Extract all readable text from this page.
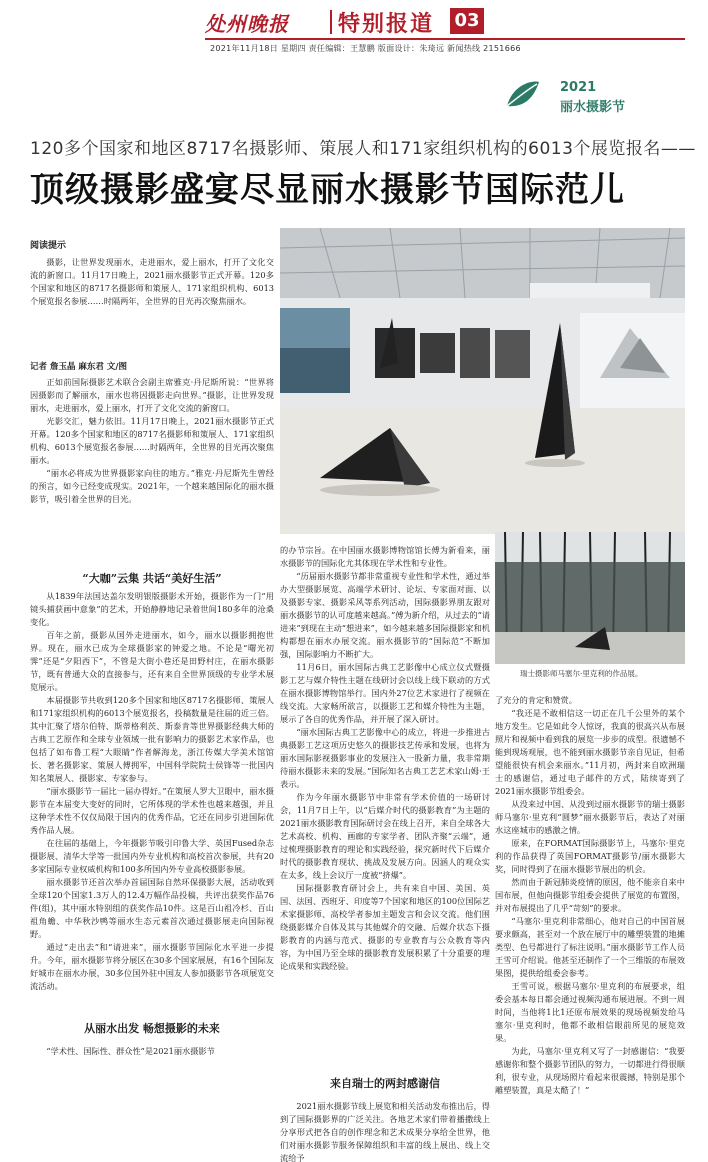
处州晚报 特别报道 03
2021年11月18日 星期四 责任编辑：王慧鹏 版面设计：朱琦远 新闻热线 2151666
2021
丽水摄影节
120多个国家和地区8717名摄影师、策展人和171家组织机构的6013个展览报名——
顶级摄影盛宴尽显丽水摄影节国际范儿
阅读提示

摄影，让世界发现丽水，走进丽水，爱上丽水，打开了文化交流的新窗口。11月17日晚上，2021丽水摄影节正式开幕。120多个国家和地区的8717名摄影师和策展人、171家组织机构、6013个展览报名参展……时隔两年，全世界的目光再次聚焦丽水。

记者 詹玉晶 麻东君 文/图

正如前国际摄影艺术联合会副主席雅克·丹尼斯所说：“世界将因摄影而了解丽水，丽水也将因摄影走向世界。”摄影，让世界发现丽水，走进丽水，爱上丽水，打开了文化交流的新窗口。

光影交汇，魅力依旧。11月17日晚上，2021丽水摄影节正式开幕。120多个国家和地区的8717名摄影师和策展人、171家组织机构、6013个展览报名参展……时隔两年，全世界的目光再次聚焦丽水。

“丽水必将成为世界摄影家向往的地方。”雅克·丹尼斯先生曾经的预言，如今已经变成现实。2021年，一个越来越国际化的丽水摄影节，吸引着全世界的目光。

“大咖”云集 共话“美好生活”

从1839年法国达盖尔发明银版摄影术开始，摄影作为一门“用镜头捕获画中意象”的艺术，开始静静地记录着世间180多年的沧桑变化。

百年之前，摄影从国外走进丽水，如今，丽水以摄影拥抱世界。现在，丽水已成为全球摄影家的钟爱之地。不论是“曙光初霁”还是“夕阳西下”，不管是大街小巷还是田野村庄，在丽水摄影节，既有普通大众的直接参与，还有来自全世界顶级的专业学术展览展示。

本届摄影节共收到120多个国家和地区8717名摄影师、策展人和171家组织机构的6013个展览报名，投稿数量是往届的近三倍。其中汇聚了塔尔伯特、斯蒂格利茨、斯泰肯等世界摄影经典大师的古典工艺原作和全球专业领域一批有影响力的摄影艺术家作品，也包括了如布鲁工程“大眼睛”作者解海龙，浙江传媒大学美术馆馆长、著名摄影家、策展人傅拥军，中国科学院院士侯锋等一批国内知名策展人、摄影家、专家参与。

“丽水摄影节一届比一届办得好。”在策展人罗大卫眼中，丽水摄影节在本届变大变好的同时，它所体现的学术性也越来越强，并且这种学术性不仅仅局限于国内的优秀作品，它还在同步引进国际优秀作品人展。

在往届的基础上，今年摄影节吸引印鲁大学、英国Fused杂志摄影展、清华大学等一批国内外专业机构和高校首次参展，共有20多家国际专业权威机构和100多所国内外专业高校摄影参展。

丽水摄影节还首次举办首届国际自然环保摄影大展，活动收到全球120个国家1.3万人的12.4万幅作品投稿，共评出获奖作品76件(组)，其中丽水特别组的获奖作品10件。这是百山祖冷杉、百山祖角蟾、中华秋沙鸭等丽水生态元素首次通过摄影展走向国际视野。

通过“走出去”和“请进来”，丽水摄影节国际化水平进一步提升。今年，丽水摄影节将分展区在30多个国家展展，有16个国际友好城市在丽水办展，30多位国外驻中国友人参加摄影节各项展览交流活动。

从丽水出发 畅想摄影的未来

“学术性、国际性、群众性”是2021丽水摄影节

的办节宗旨。在中国丽水摄影博物馆馆长傅为新看来，丽水摄影节的国际化尤其体现在学术性和专业性。

“历届丽水摄影节都非常重视专业性和学术性，通过举办大型摄影展览、高端学术研讨、论坛、专家面对面、以及摄影专家、摄影采风等系列活动，国际摄影界朋友跟对丽水摄影节的认可度越来越高。”傅为新介绍，从过去的“请进来”到现在主动“想进来”，如今越来越多国际摄影家和机构都想在丽水办展交流。丽水摄影节的“国际范”不断加强，国际影响力不断扩大。

11月6日，丽水国际古典工艺影像中心成立仪式暨摄影工艺与媒介特性主题在线研讨会以线上线下联动的方式在丽水摄影博物馆举行。国内外27位艺术家进行了视频在线交流。大家畅所欲言，以摄影工艺和媒介特性为主题，展示了各自的优秀作品，并开展了深入研讨。

“丽水国际古典工艺影像中心的成立，将进一步推进古典摄影工艺这项历史悠久的摄影技艺传承和发展，也将为丽水国际影视摄影事业的发展注入一股新力量，我非常期待丽水摄影未来的发展。”国际知名古典工艺艺术家山姆·王表示。

作为今年丽水摄影节中非常有学术价值的一场研讨会，11月7日上午，以“后媒介时代的摄影教育”为主题的2021丽水摄影教育国际研讨会在线上召开，来自全球各大艺术高校、机构、画廊的专家学者、团队齐聚“云端”，通过梳理摄影教育的理论和实践经验，探究新时代下后媒介时代的摄影教育现状、挑战及发展方向。因涵人的观众实在太多，线上会议厅一度被“挤爆”。

国际摄影教育研讨会上，共有来自中国、美国、英国、法国、西班牙、印度等7个国家和地区的100位国际艺术家摄影师、高校学者参加主题发言和会议交流。他们围绕摄影媒介自体及其与其他媒介的交融、后媒介状态下摄影教育的内涵与范式、摄影的专业教育与公众教育等内容，为中国乃至全球的摄影教育发展积累了十分重要的理论成果和实践经验。

来自瑞士的两封感谢信

2021丽水摄影节线上展览和相关活动发布推出后，得到了国际摄影界的广泛关注。各地艺术家们带着播撒线上分享形式把各自的创作理念和艺术成果分享给全世界，他们对丽水摄影节服务保障组织和丰富的线上展出、线上交流给予

瑞士摄影师马塞尔·里克利的作品展。

了充分的肯定和赞赏。

“我还是不敢相信这一切正在几千公里外的某个地方发生。它是如此令人惊讶，我真的很高兴从布展照片和视频中看到我的展览一步步的成型。很遗憾不能到现场观展，也不能到丽水摄影节亲自见证，但希望能很快有机会来丽水。”11月初，两封来自欧洲瑞士的感谢信，通过电子邮件的方式，陆续寄到了2021丽水摄影节组委会。

从没来过中国、从没到过丽水摄影节的瑞士摄影师马塞尔·里克利“圆梦”丽水摄影节后，表达了对丽水这座城市的感激之情。

原来，在FORMAT国际摄影节上，马塞尔·里克利的作品获得了英国FORMAT摄影节/丽水摄影大奖，同时得到了在丽水摄影节展出的机会。

然而由于新冠肺炎疫情的原因，他不能亲自来中国布展，但他向摄影节组委会提供了展览的布置图，并对布展提出了几乎“苛刻”的要求。

“马塞尔·里克利非常细心，他对自己的中国首展要求颇高，甚至对一个放在展厅中的雕塑装置的地摊类型、色号都进行了标注说明。”丽水摄影节工作人员王雪可介绍说。他甚至还制作了一个三维版的布展效果图，提供给组委会参考。

王雪可说，根据马塞尔·里克利的布展要求，组委会基本每日都会通过视频沟通布展进展。不到一周时间，当他将1比1还原布展效果的现场视频发给马塞尔·里克利时，他都不敢相信眼前所见的展览效果。

为此，马塞尔·里克利又写了一封感谢信：“我要感谢你和整个摄影节团队的努力，一切都进行得很顺利，很专业，从现场照片看起来很震撼，特别是那个雕塑装置，真是太酷了！”
